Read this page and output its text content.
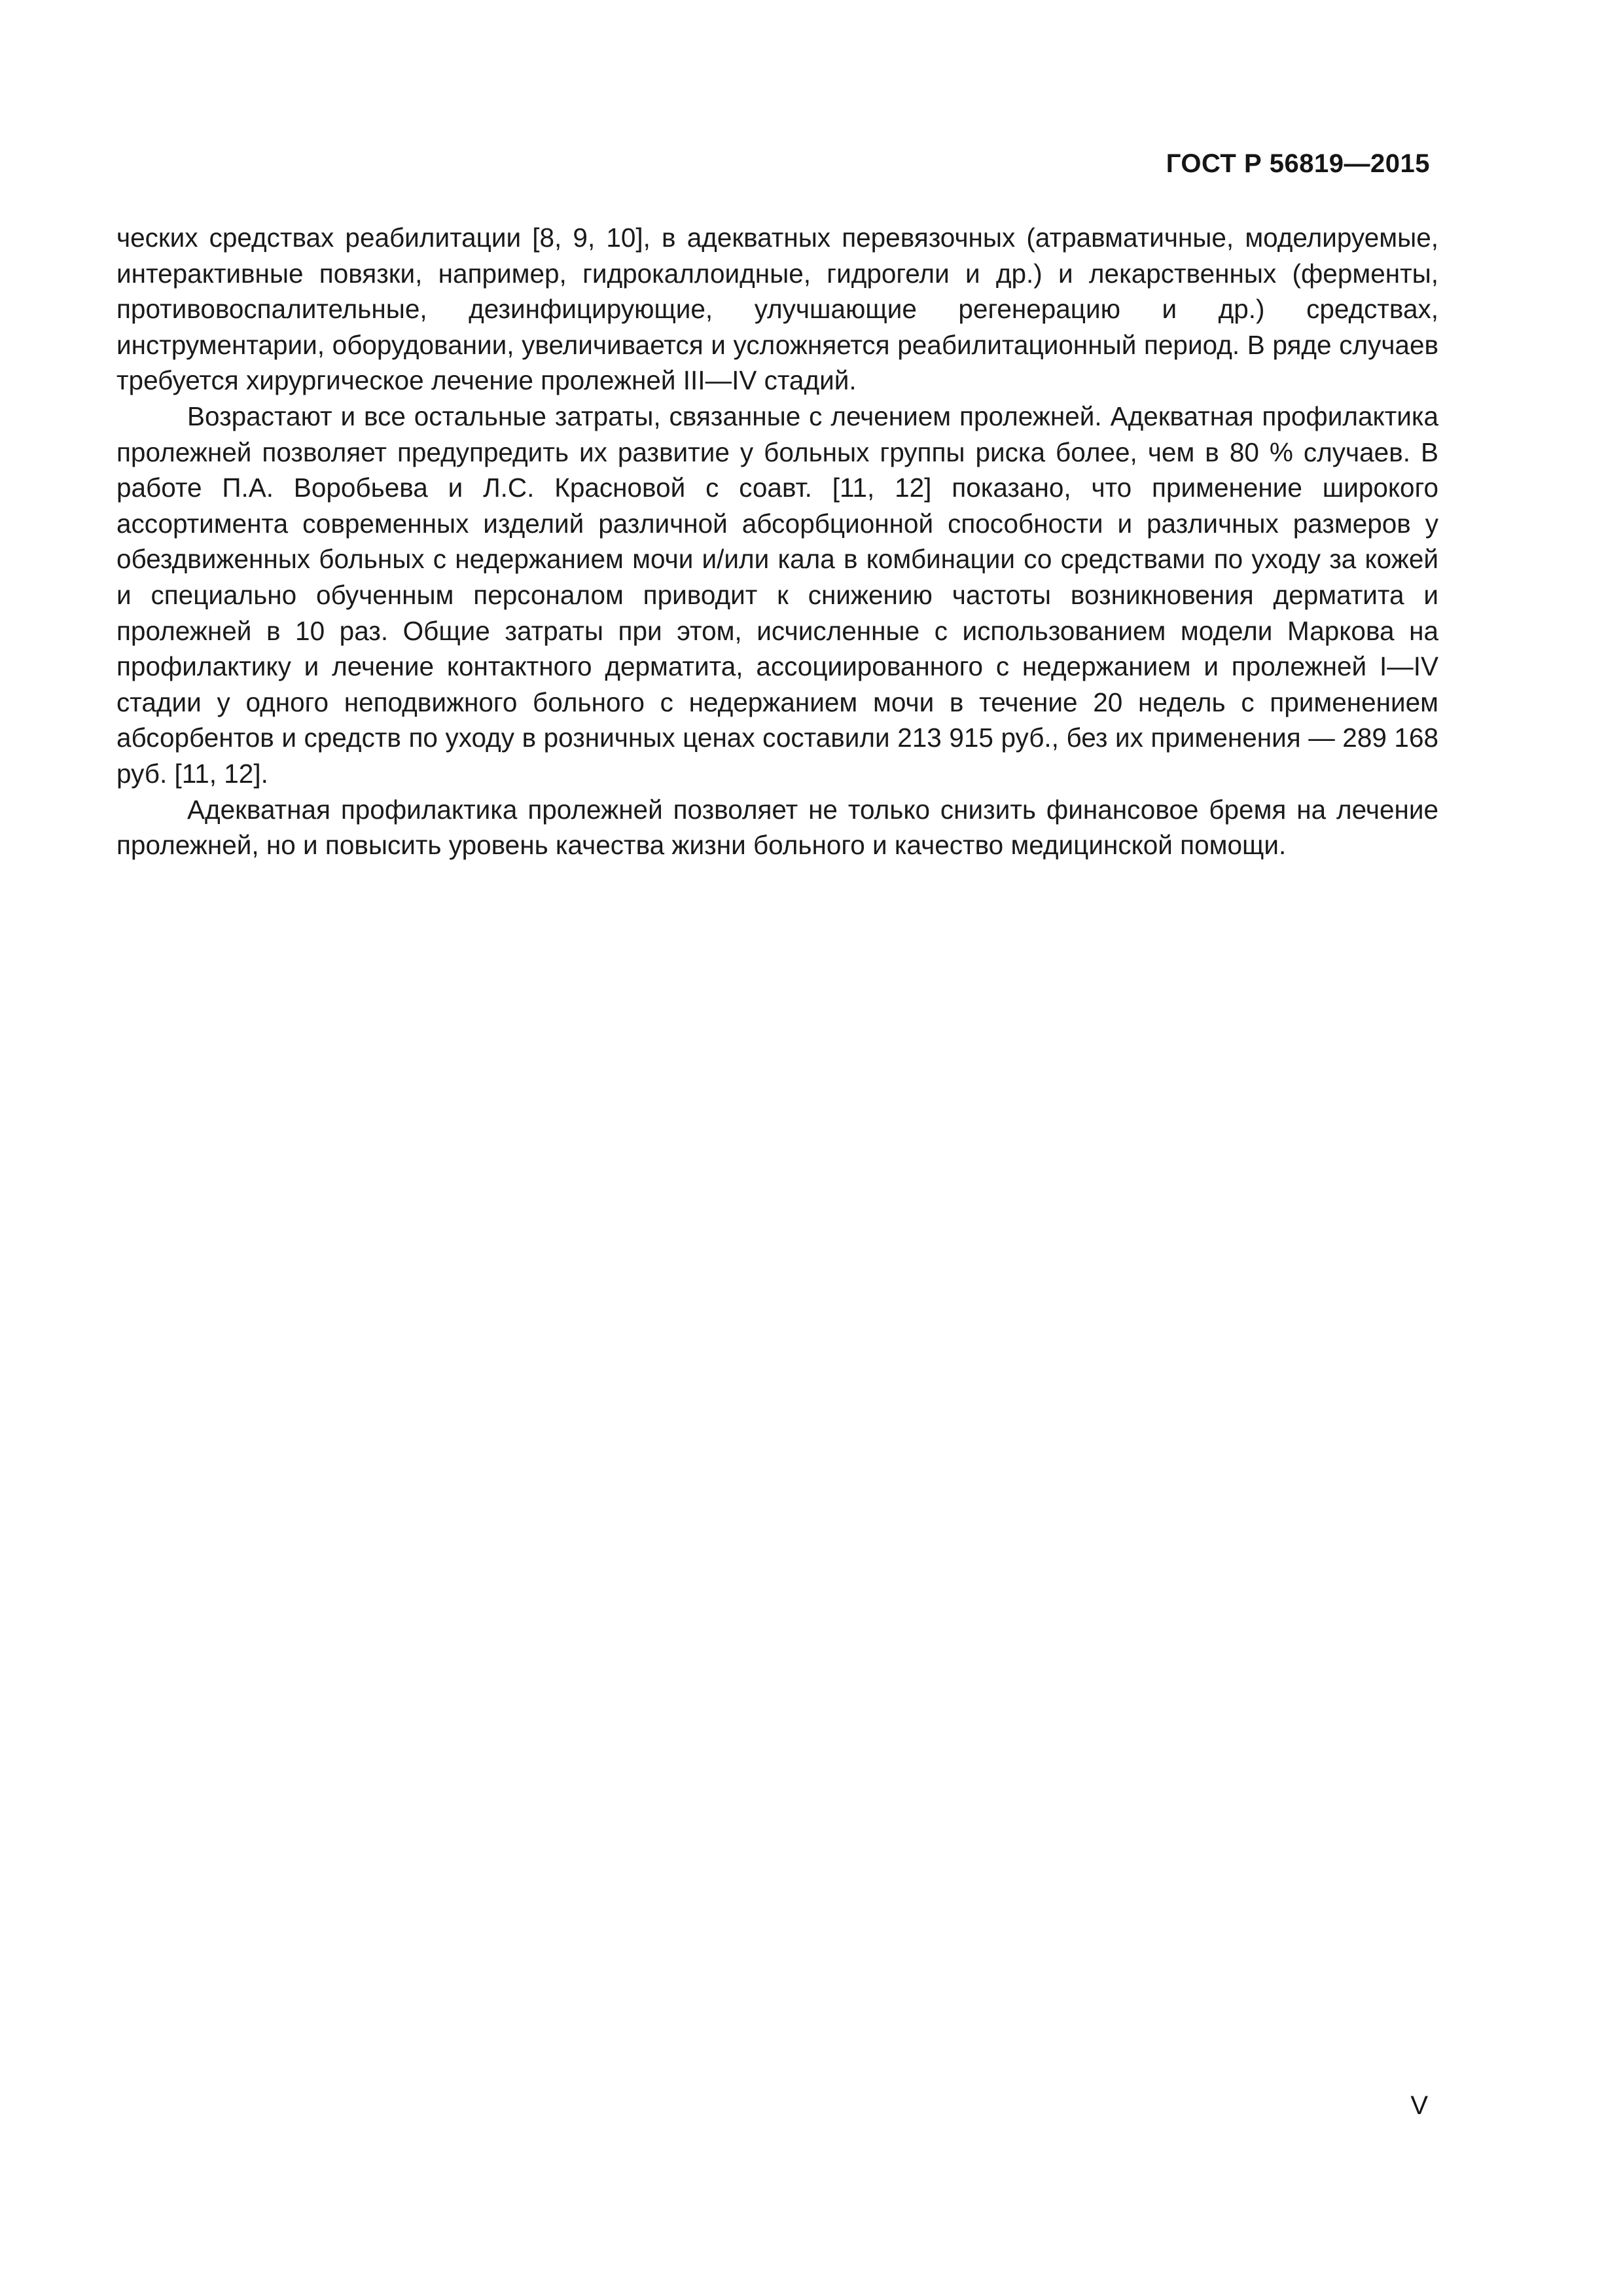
ГОСТ Р 56819—2015

ческих средствах реабилитации [8, 9, 10], в адекватных перевязочных (атравматичные, моделируемые, интерактивные повязки, например, гидрокаллоидные, гидрогели и др.) и лекарственных (ферменты, противовоспалительные, дезинфицирующие, улучшающие регенерацию и др.) средствах, инструментарии, оборудовании, увеличивается и усложняется реабилитационный период. В ряде случаев требуется хирургическое лечение пролежней III—IV стадий.

Возрастают и все остальные затраты, связанные с лечением пролежней. Адекватная профилактика пролежней позволяет предупредить их развитие у больных группы риска более, чем в 80 % случаев. В работе П.А. Воробьева и Л.С. Красновой с соавт. [11, 12] показано, что применение широкого ассортимента современных изделий различной абсорбционной способности и различных размеров у обездвиженных больных с недержанием мочи и/или кала в комбинации со средствами по уходу за кожей и специально обученным персоналом приводит к снижению частоты возникновения дерматита и пролежней в 10 раз. Общие затраты при этом, исчисленные с использованием модели Маркова на профилактику и лечение контактного дерматита, ассоциированного с недержанием и пролежней I—IV стадии у одного неподвижного больного с недержанием мочи в течение 20 недель с применением абсорбентов и средств по уходу в розничных ценах составили 213 915 руб., без их применения — 289 168 руб. [11, 12].

Адекватная профилактика пролежней позволяет не только снизить финансовое бремя на лечение пролежней, но и повысить уровень качества жизни больного и качество медицинской помощи.

V
